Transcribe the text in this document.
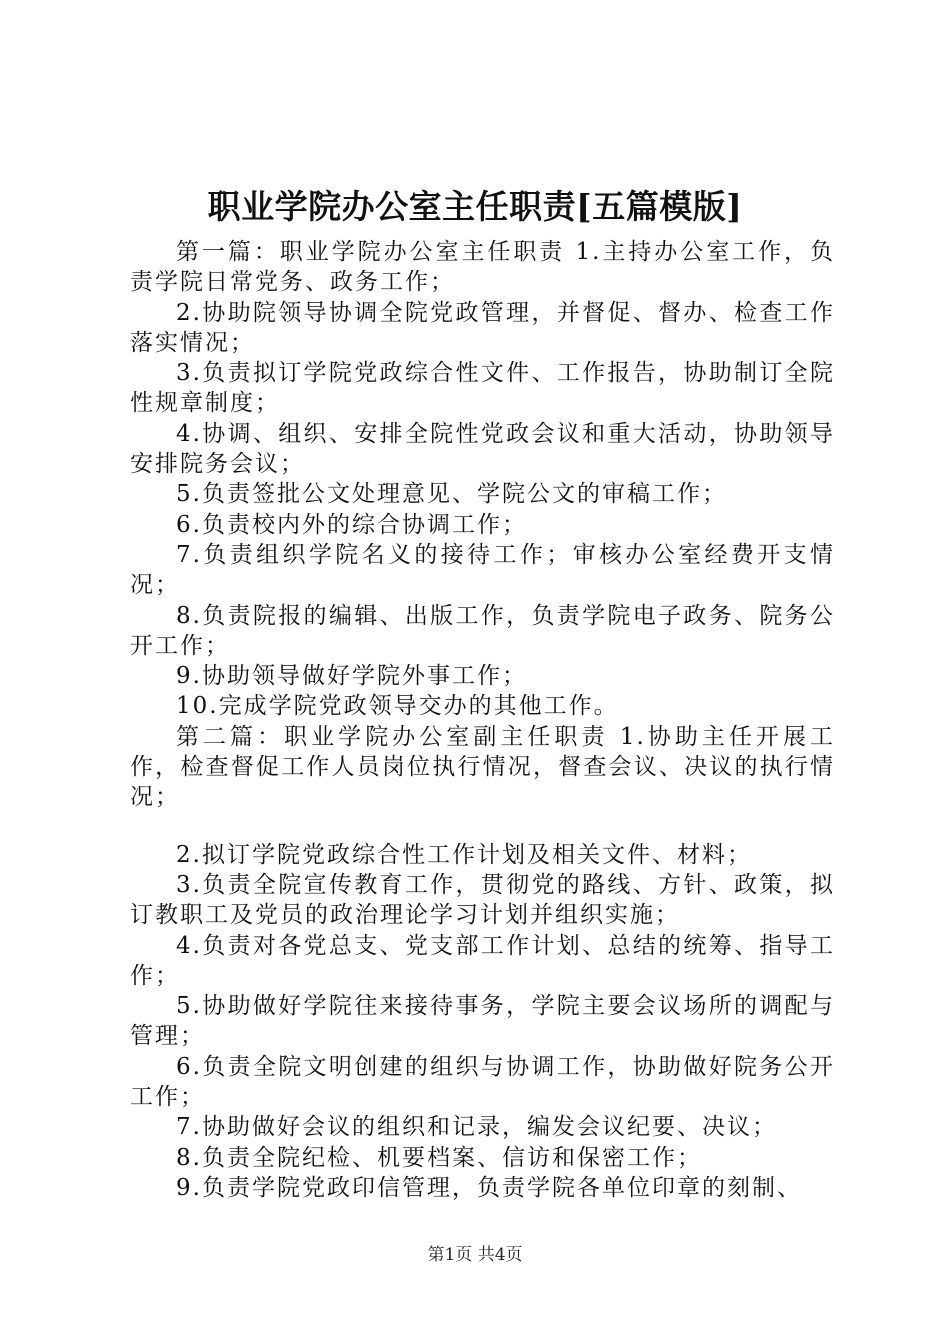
职业学院办公室主任职责[五篇模版]

第一篇：职业学院办公室主任职责 1.主持办公室工作，负责学院日常党务、政务工作；

2.协助院领导协调全院党政管理，并督促、督办、检查工作落实情况；

3.负责拟订学院党政综合性文件、工作报告，协助制订全院性规章制度；

4.协调、组织、安排全院性党政会议和重大活动，协助领导安排院务会议；

5.负责签批公文处理意见、学院公文的审稿工作；

6.负责校内外的综合协调工作；

7.负责组织学院名义的接待工作；审核办公室经费开支情况；

8.负责院报的编辑、出版工作，负责学院电子政务、院务公开工作；

9.协助领导做好学院外事工作；

10.完成学院党政领导交办的其他工作。

第二篇：职业学院办公室副主任职责 1.协助主任开展工作，检查督促工作人员岗位执行情况，督查会议、决议的执行情况；

2.拟订学院党政综合性工作计划及相关文件、材料；

3.负责全院宣传教育工作，贯彻党的路线、方针、政策，拟订教职工及党员的政治理论学习计划并组织实施；

4.负责对各党总支、党支部工作计划、总结的统筹、指导工作；

5.协助做好学院往来接待事务，学院主要会议场所的调配与管理；

6.负责全院文明创建的组织与协调工作，协助做好院务公开工作；

7.协助做好会议的组织和记录，编发会议纪要、决议；

8.负责全院纪检、机要档案、信访和保密工作；

9.负责学院党政印信管理，负责学院各单位印章的刻制、

第1页 共4页
